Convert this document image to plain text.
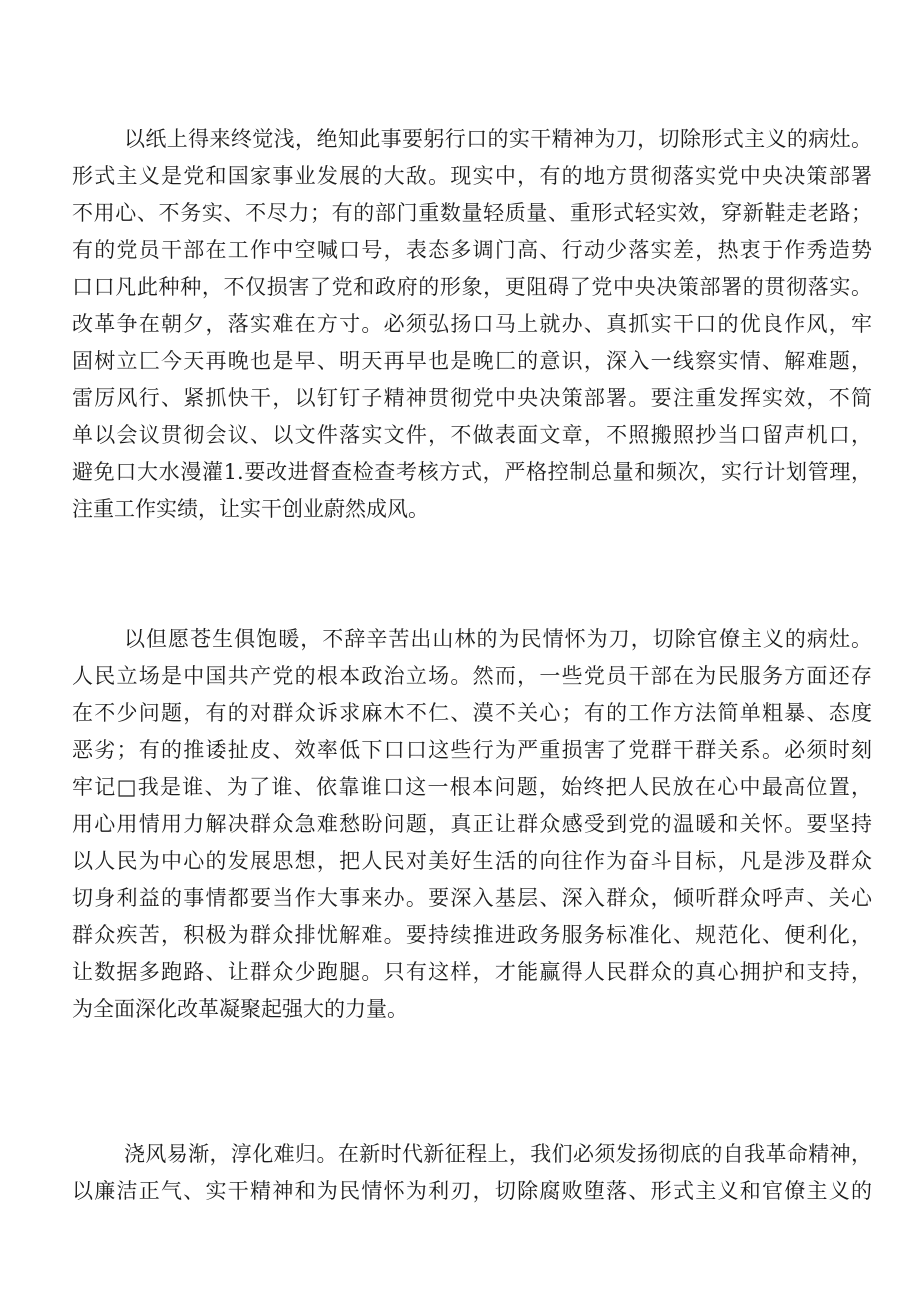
以纸上得来终觉浅，绝知此事要躬行口的实干精神为刀，切除形式主义的病灶。
形式主义是党和国家事业发展的大敌。现实中，有的地方贯彻落实党中央决策部署
不用心、不务实、不尽力；有的部门重数量轻质量、重形式轻实效，穿新鞋走老路；
有的党员干部在工作中空喊口号，表态多调门高、行动少落实差，热衷于作秀造势
口口凡此种种，不仅损害了党和政府的形象，更阻碍了党中央决策部署的贯彻落实。
改革争在朝夕，落实难在方寸。必须弘扬口马上就办、真抓实干口的优良作风，牢
固树立匚今天再晚也是早、明天再早也是晚匚的意识，深入一线察实情、解难题，
雷厉风行、紧抓快干，以钉钉子精神贯彻党中央决策部署。要注重发挥实效，不简
单以会议贯彻会议、以文件落实文件，不做表面文章，不照搬照抄当口留声机口，
避免口大水漫灌1.要改进督查检查考核方式，严格控制总量和频次，实行计划管理，
注重工作实绩，让实干创业蔚然成风。
以但愿苍生俱饱暖，不辞辛苦出山林的为民情怀为刀，切除官僚主义的病灶。
人民立场是中国共产党的根本政治立场。然而，一些党员干部在为民服务方面还存
在不少问题，有的对群众诉求麻木不仁、漠不关心；有的工作方法简单粗暴、态度
恶劣；有的推诿扯皮、效率低下口口这些行为严重损害了党群干群关系。必须时刻
牢记□我是谁、为了谁、依靠谁口这一根本问题，始终把人民放在心中最高位置，
用心用情用力解决群众急难愁盼问题，真正让群众感受到党的温暖和关怀。要坚持
以人民为中心的发展思想，把人民对美好生活的向往作为奋斗目标，凡是涉及群众
切身利益的事情都要当作大事来办。要深入基层、深入群众，倾听群众呼声、关心
群众疾苦，积极为群众排忧解难。要持续推进政务服务标准化、规范化、便利化，
让数据多跑路、让群众少跑腿。只有这样，才能赢得人民群众的真心拥护和支持，
为全面深化改革凝聚起强大的力量。
浇风易渐，淳化难归。在新时代新征程上，我们必须发扬彻底的自我革命精神，
以廉洁正气、实干精神和为民情怀为利刃，切除腐败堕落、形式主义和官僚主义的
